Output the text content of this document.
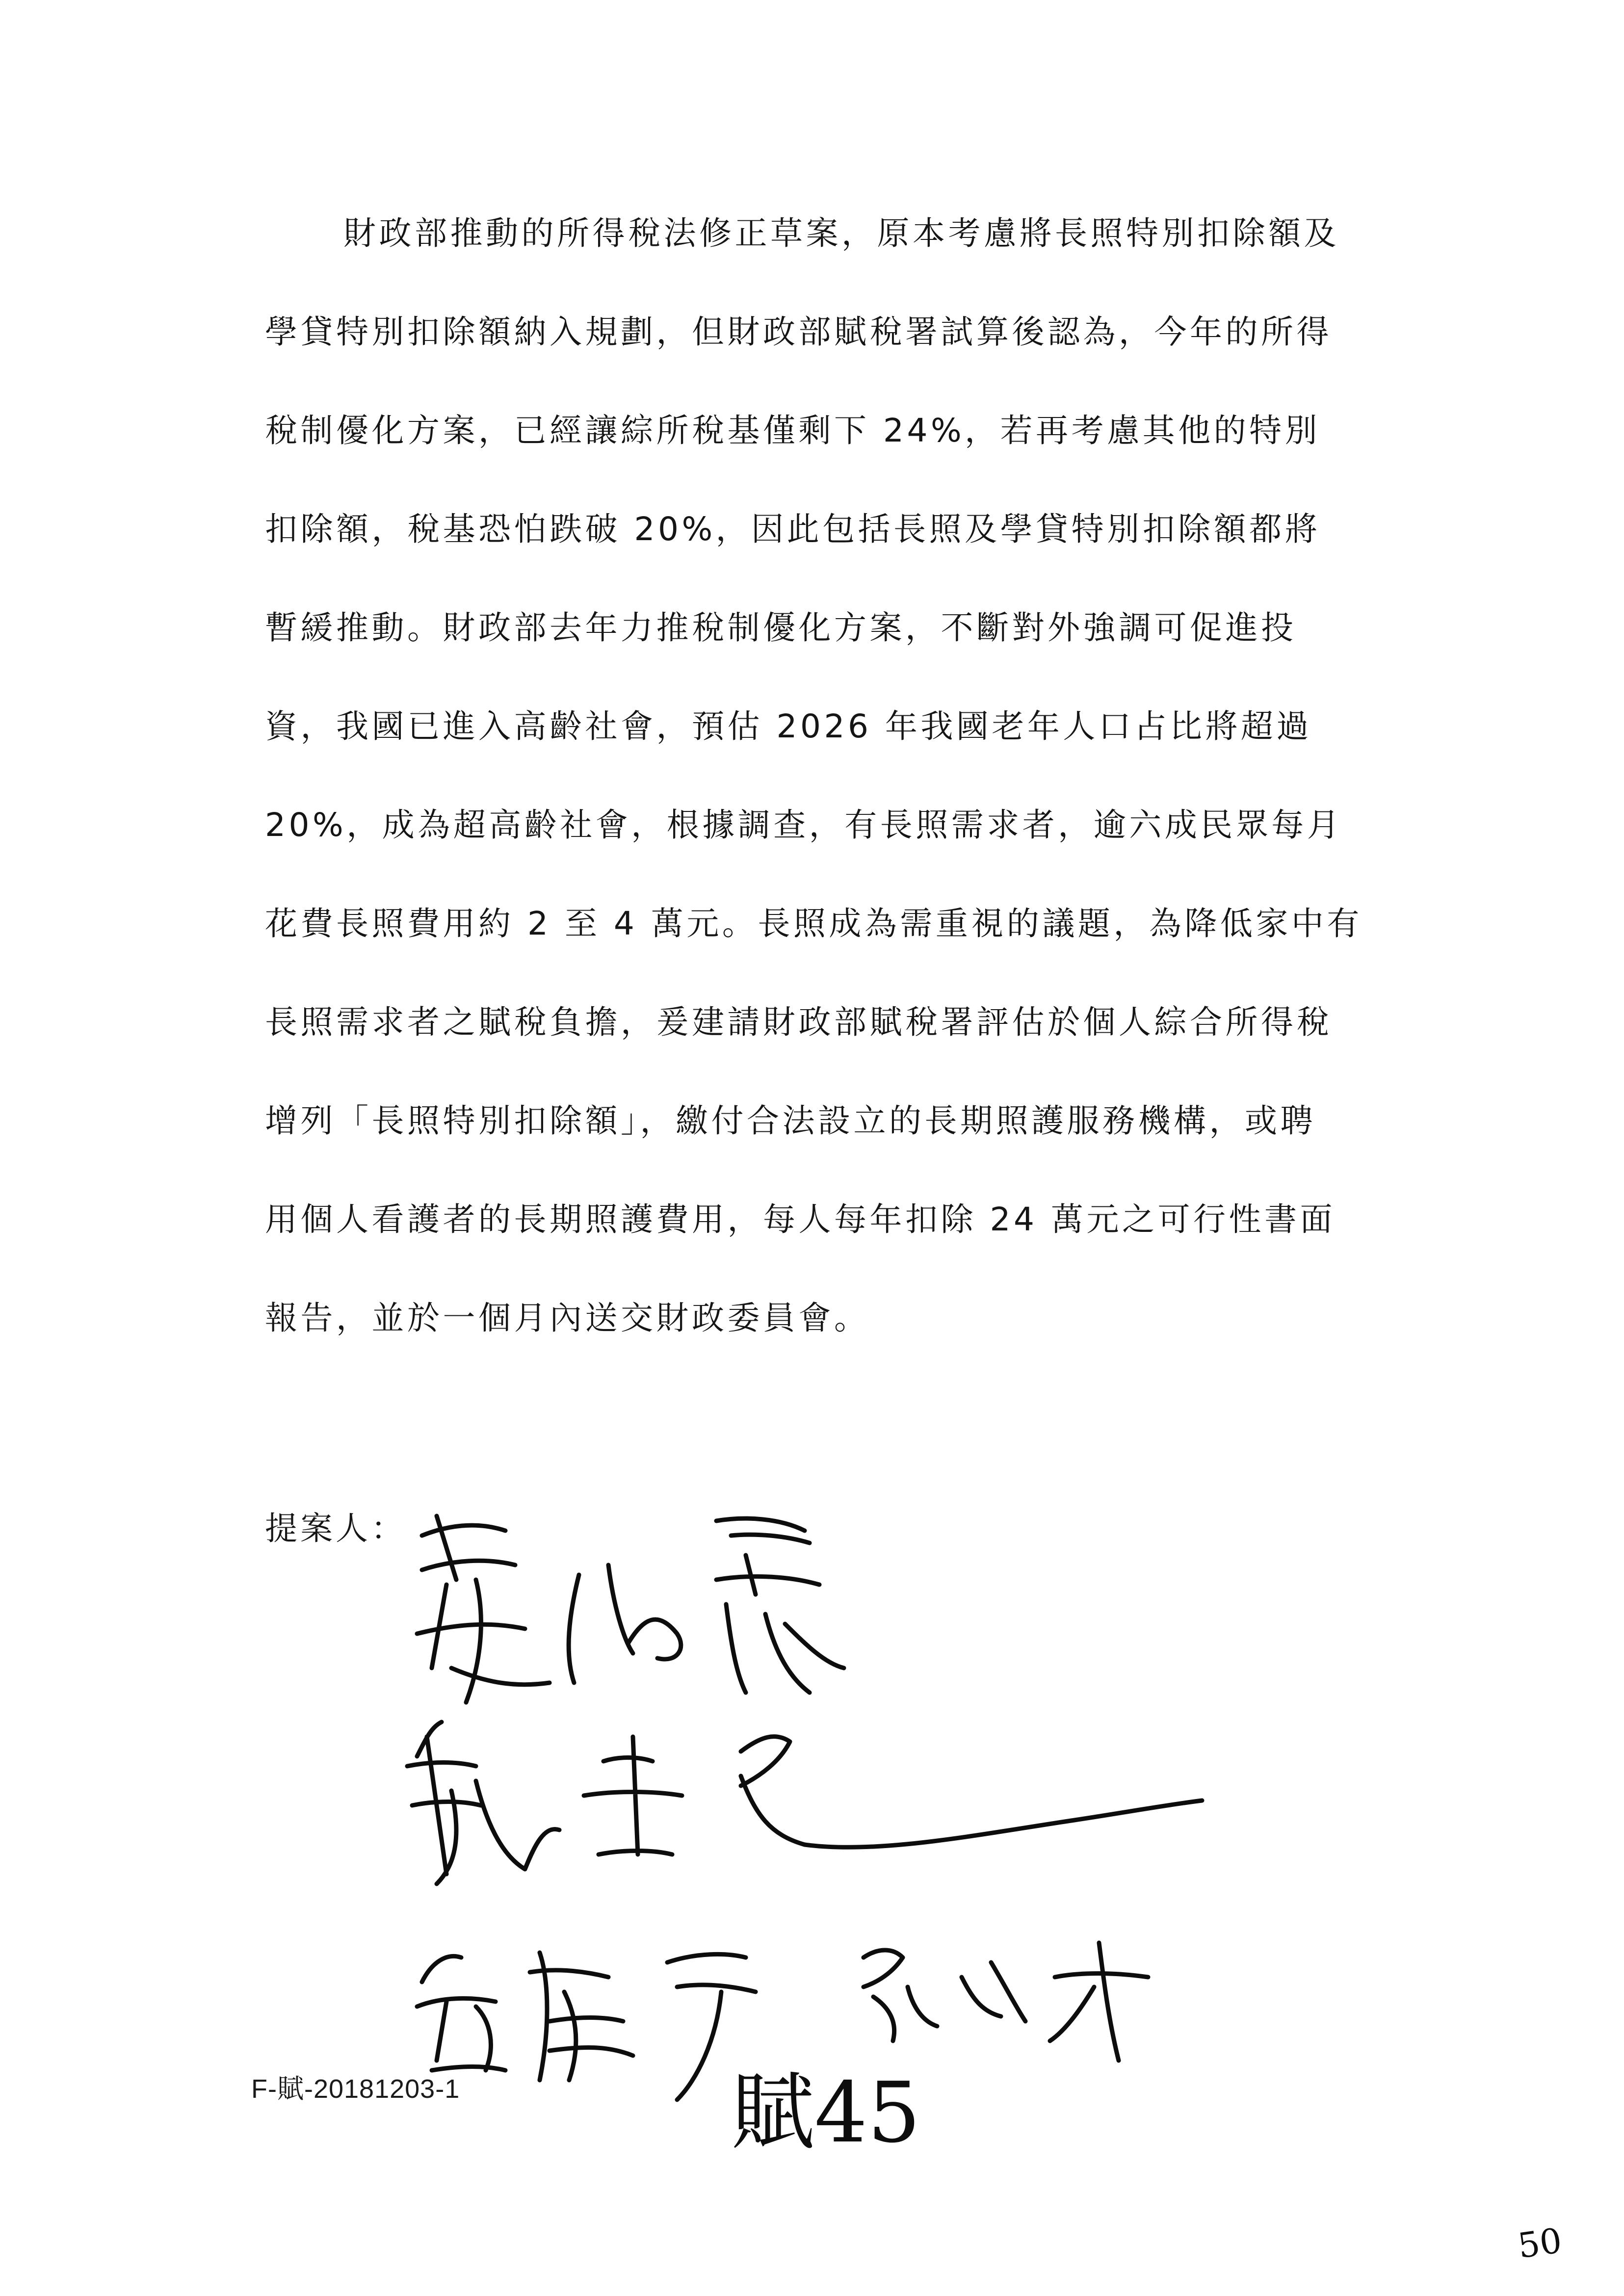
財政部推動的所得稅法修正草案，原本考慮將長照特別扣除額及
學貸特別扣除額納入規劃，但財政部賦稅署試算後認為，今年的所得
稅制優化方案，已經讓綜所稅基僅剩下 24%，若再考慮其他的特別
扣除額，稅基恐怕跌破 20%，因此包括長照及學貸特別扣除額都將
暫緩推動。財政部去年力推稅制優化方案，不斷對外強調可促進投
資，我國已進入高齡社會，預估 2026 年我國老年人口占比將超過
20%，成為超高齡社會，根據調查，有長照需求者，逾六成民眾每月
花費長照費用約 2 至 4 萬元。長照成為需重視的議題，為降低家中有
長照需求者之賦稅負擔，爰建請財政部賦稅署評估於個人綜合所得稅
增列「長照特別扣除額」，繳付合法設立的長期照護服務機構，或聘
用個人看護者的長期照護費用，每人每年扣除 24 萬元之可行性書面
報告，並於一個月內送交財政委員會。
提案人：
賦45
F-賦-20181203-1
50
